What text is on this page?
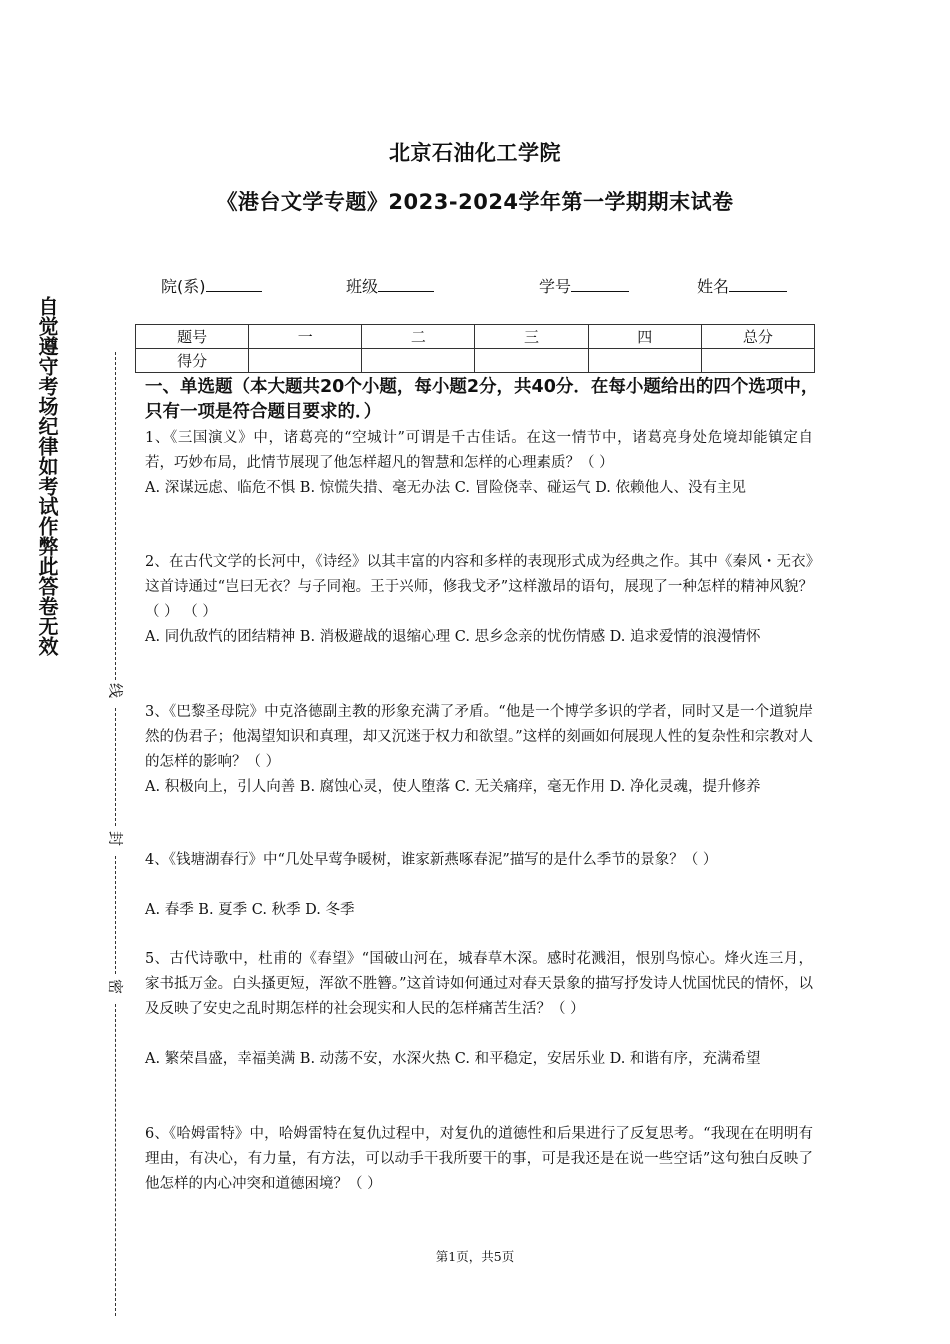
北京石油化工学院
《港台文学专题》2023-2024学年第一学期期末试卷
院(系)	班级	学号	姓名
题号	一	二	三	四	总分
得分					
自觉遵守考场纪律如考试作弊此答卷无效
线
封
密
一、单选题（本大题共20个小题，每小题2分，共40分．在每小题给出的四个选项中，只有一项是符合题目要求的．）
1、《三国演义》中，诸葛亮的“空城计”可谓是千古佳话。在这一情节中，诸葛亮身处危境却能镇定自若，巧妙布局，此情节展现了他怎样超凡的智慧和怎样的心理素质？（ ）
A. 深谋远虑、临危不惧 B. 惊慌失措、毫无办法 C. 冒险侥幸、碰运气 D. 依赖他人、没有主见
2、在古代文学的长河中，《诗经》以其丰富的内容和多样的表现形式成为经典之作。其中《秦风・无衣》这首诗通过“岂曰无衣？与子同袍。王于兴师，修我戈矛”这样激昂的语句，展现了一种怎样的精神风貌？（ ） （ ）
A. 同仇敌忾的团结精神 B. 消极避战的退缩心理 C. 思乡念亲的忧伤情感 D. 追求爱情的浪漫情怀
3、《巴黎圣母院》中克洛德副主教的形象充满了矛盾。“他是一个博学多识的学者，同时又是一个道貌岸然的伪君子；他渴望知识和真理，却又沉迷于权力和欲望。”这样的刻画如何展现人性的复杂性和宗教对人的怎样的影响？（ ）
A. 积极向上，引人向善 B. 腐蚀心灵，使人堕落 C. 无关痛痒，毫无作用 D. 净化灵魂，提升修养
4、《钱塘湖春行》中“几处早莺争暖树，谁家新燕啄春泥”描写的是什么季节的景象？（ ）
A. 春季 B. 夏季 C. 秋季 D. 冬季
5、古代诗歌中，杜甫的《春望》“国破山河在，城春草木深。感时花溅泪，恨别鸟惊心。烽火连三月，家书抵万金。白头搔更短，浑欲不胜簪。”这首诗如何通过对春天景象的描写抒发诗人忧国忧民的情怀，以及反映了安史之乱时期怎样的社会现实和人民的怎样痛苦生活？（ ）
A. 繁荣昌盛，幸福美满 B. 动荡不安，水深火热 C. 和平稳定，安居乐业 D. 和谐有序，充满希望
6、《哈姆雷特》中，哈姆雷特在复仇过程中，对复仇的道德性和后果进行了反复思考。“我现在在明明有理由，有决心，有力量，有方法，可以动手干我所要干的事，可是我还是在说一些空话”这句独白反映了他怎样的内心冲突和道德困境？（ ）
第1页，共5页
